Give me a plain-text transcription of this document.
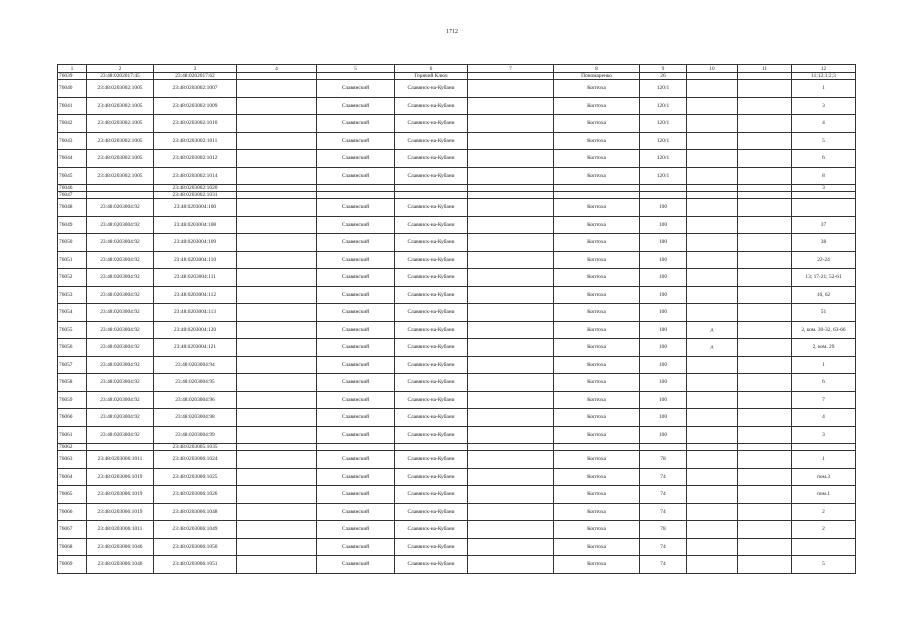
1712
1	2	3	4	5	6	7	8	9	10	11	12
76039	23:48:0202017:45	23:48:0202017:62			Горячий Ключ		Пономаренко	26			11;12;1;2;3
76040	23:48:0203002:1005	23:48:0203002:1007		Славянский	Славянск-на-Кубани		Коптоха	120/1			1
76041	23:48:0203002:1005	23:48:0203002:1009		Славянский	Славянск-на-Кубани		Коптоха	120/1			3
76042	23:48:0203002:1005	23:48:0203002:1010		Славянский	Славянск-на-Кубани		Коптоха	120/1			4
76043	23:48:0203002:1005	23:48:0203002:1011		Славянский	Славянск-на-Кубани		Коптоха	120/1			5
76044	23:48:0203002:1005	23:48:0203002:1012		Славянский	Славянск-на-Кубани		Коптоха	120/1			6
76045	23:48:0203002:1005	23:48:0203002:1014		Славянский	Славянск-на-Кубани		Коптоха	120/1			8
76046		23:48:0203002:1020									3
76047		23:48:0203002:1031									
76048	23:48:0203004:92	23:48:0203004:100		Славянский	Славянск-на-Кубани		Коптоха	100			
76049	23:48:0203004:92	23:48:0203004:108		Славянский	Славянск-на-Кубани		Коптоха	100			37
76050	23:48:0203004:92	23:48:0203004:109		Славянский	Славянск-на-Кубани		Коптоха	100			38
76051	23:48:0203004:92	23:48:0203004:110		Славянский	Славянск-на-Кубани		Коптоха	100			22-24
76052	23:48:0203004:92	23:48:0203004:111		Славянский	Славянск-на-Кубани		Коптоха	100			13; 17-21; 52-61
76053	23:48:0203004:92	23:48:0203004:112		Славянский	Славянск-на-Кубани		Коптоха	100			16, 62
76054	23:48:0203004:92	23:48:0203004:113		Славянский	Славянск-на-Кубани		Коптоха	100			51
76055	23:48:0203004:92	23:48:0203004:120		Славянский	Славянск-на-Кубани		Коптоха	100	д		2, ком. 30-32, 63-66
76056	23:48:0203004:92	23:48:0203004:121		Славянский	Славянск-на-Кубани		Коптоха	100	д		2, ком. 29
76057	23:48:0203004:92	23:48:0203004:94		Славянский	Славянск-на-Кубани		Коптоха	100			1
76058	23:48:0203004:92	23:48:0203004:95		Славянский	Славянск-на-Кубани		Коптоха	100			6
76059	23:48:0203004:92	23:48:0203004:96		Славянский	Славянск-на-Кубани		Коптоха	100			7
76060	23:48:0203004:92	23:48:0203004:98		Славянский	Славянск-на-Кубани		Коптоха	100			4
76061	23:48:0203004:92	23:48:0203004:99		Славянский	Славянск-на-Кубани		Коптоха	100			3
76062		23:48:0203005:1035									
76063	23:48:0203006:1011	23:48:0203006:1024		Славянский	Славянск-на-Кубани		Коптоха	78			1
76064	23:48:0203006:1019	23:48:0203006:1025		Славянский	Славянск-на-Кубани		Коптоха	74			пом.3
76065	23:48:0203006:1019	23:48:0203006:1026		Славянский	Славянск-на-Кубани		Коптоха	74			пом.1
76066	23:48:0203006:1019	23:48:0203006:1048		Славянский	Славянск-на-Кубани		Коптоха	74			2
76067	23:48:0203006:1011	23:48:0203006:1049		Славянский	Славянск-на-Кубани		Коптоха	78			2
76068	23:48:0203006:1046	23:48:0203006:1050		Славянский	Славянск-на-Кубани		Коптоха	74			
76069	23:48:0203006:1046	23:48:0203006:1051		Славянский	Славянск-на-Кубани		Коптоха	74			5
